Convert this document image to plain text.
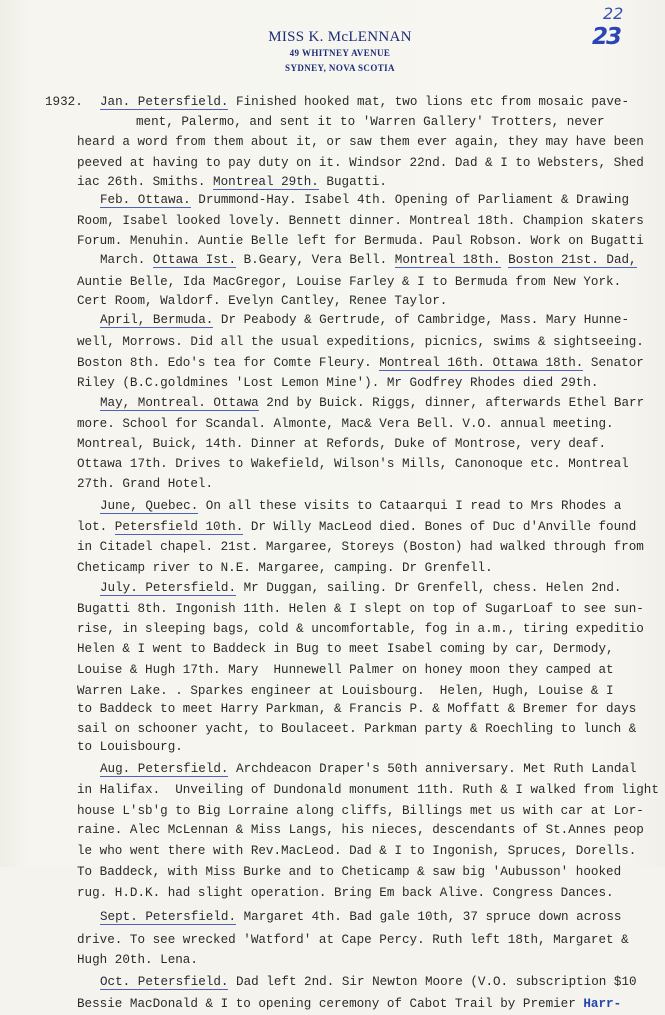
22
23
MISS K. McLENNAN
49 WHITNEY AVENUE
SYDNEY, NOVA SCOTIA

1932.

Jan. Petersfield. Finished hooked mat, two lions etc from mosaic pave-
ment, Palermo, and sent it to 'Warren Gallery' Trotters, never
heard a word from them about it, or saw them ever again, they may have been
peeved at having to pay duty on it. Windsor 22nd. Dad & I to Websters, Shed
iac 26th. Smiths. Montreal 29th. Bugatti.
Feb. Ottawa. Drummond-Hay. Isabel 4th. Opening of Parliament & Drawing
Room, Isabel looked lovely. Bennett dinner. Montreal 18th. Champion skaters
Forum. Menuhin. Auntie Belle left for Bermuda. Paul Robson. Work on Bugatti
March. Ottawa Ist. B.Geary, Vera Bell. Montreal 18th. Boston 21st. Dad,
Auntie Belle, Ida MacGregor, Louise Farley & I to Bermuda from New York.
Cert Room, Waldorf. Evelyn Cantley, Renee Taylor.
April, Bermuda. Dr Peabody & Gertrude, of Cambridge, Mass. Mary Hunne-
well, Morrows. Did all the usual expeditions, picnics, swims & sightseeing.
Boston 8th. Edo's tea for Comte Fleury. Montreal 16th. Ottawa 18th. Senator
Riley (B.C.goldmines 'Lost Lemon Mine'). Mr Godfrey Rhodes died 29th.
May, Montreal. Ottawa 2nd by Buick. Riggs, dinner, afterwards Ethel Barr
more. School for Scandal. Almonte, Mac& Vera Bell. V.O. annual meeting.
Montreal, Buick, 14th. Dinner at Refords, Duke of Montrose, very deaf.
Ottawa 17th. Drives to Wakefield, Wilson's Mills, Canonoque etc. Montreal
27th. Grand Hotel.
June, Quebec. On all these visits to Cataarqui I read to Mrs Rhodes a
lot. Petersfield 10th. Dr Willy MacLeod died. Bones of Duc d'Anville found
in Citadel chapel. 21st. Margaree, Storeys (Boston) had walked through from
Cheticamp river to N.E. Margaree, camping. Dr Grenfell.
July. Petersfield. Mr Duggan, sailing. Dr Grenfell, chess. Helen 2nd.
Bugatti 8th. Ingonish 11th. Helen & I slept on top of SugarLoaf to see sun-
rise, in sleeping bags, cold & uncomfortable, fog in a.m., tiring expeditio
Helen & I went to Baddeck in Bug to meet Isabel coming by car, Dermody,
Louise & Hugh 17th. Mary  Hunnewell Palmer on honey moon they camped at
Warren Lake. . Sparkes engineer at Louisbourg.  Helen, Hugh, Louise & I
to Baddeck to meet Harry Parkman, & Francis P. & Moffatt & Bremer for days
sail on schooner yacht, to Boulaceet. Parkman party & Roechling to lunch &
to Louisbourg.
Aug. Petersfield. Archdeacon Draper's 50th anniversary. Met Ruth Landal
in Halifax.  Unveiling of Dundonald monument 11th. Ruth & I walked from light
house L'sb'g to Big Lorraine along cliffs, Billings met us with car at Lor-
raine. Alec McLennan & Miss Langs, his nieces, descendants of St.Annes peop
le who went there with Rev.MacLeod. Dad & I to Ingonish, Spruces, Dorells.
To Baddeck, with Miss Burke and to Cheticamp & saw big 'Aubusson' hooked
rug. H.D.K. had slight operation. Bring Em back Alive. Congress Dances.
Sept. Petersfield. Margaret 4th. Bad gale 10th, 37 spruce down across
drive. To see wrecked 'Watford' at Cape Percy. Ruth left 18th, Margaret &
Hugh 20th. Lena.
Oct. Petersfield. Dad left 2nd. Sir Newton Moore (V.O. subscription $10
Bessie MacDonald & I to opening ceremony of Cabot Trail by Premier Harr-
